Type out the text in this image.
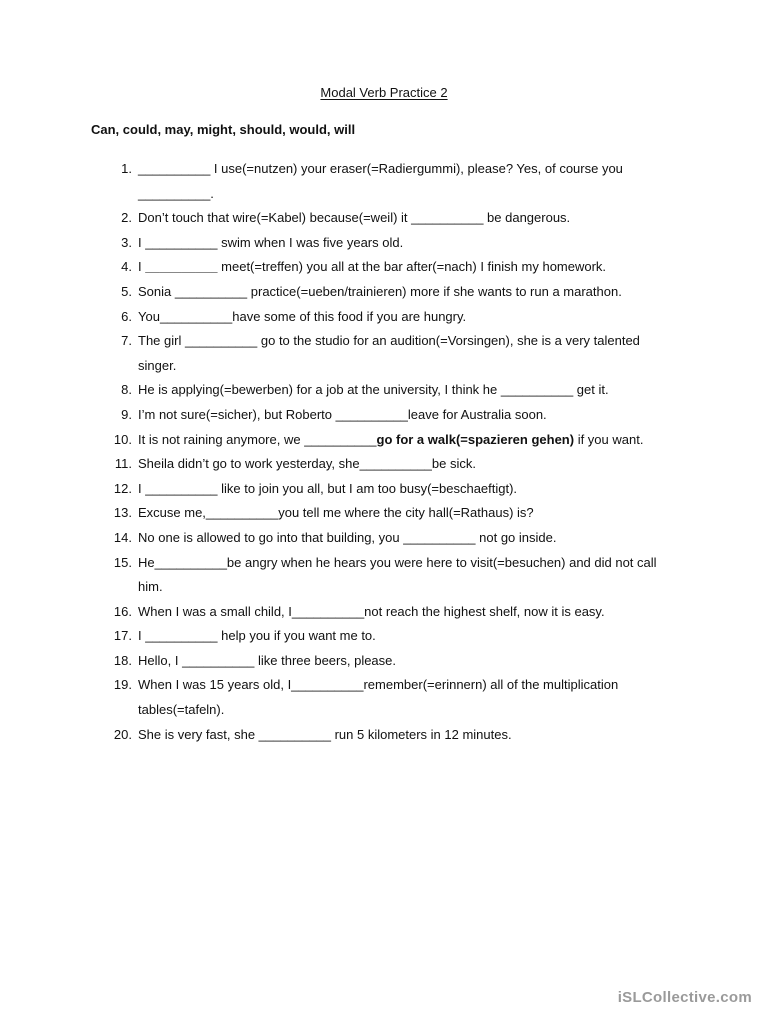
Modal Verb Practice 2
Can, could, may, might, should, would, will
1. __________ I use(=nutzen) your eraser(=Radiergummi), please? Yes, of course you __________.
2. Don’t touch that wire(=Kabel) because(=weil) it __________ be dangerous.
3. I __________ swim when I was five years old.
4. I __________ meet(=treffen) you all at the bar after(=nach) I finish my homework.
5. Sonia __________ practice(=ueben/trainieren) more if she wants to run a marathon.
6. You__________have some of this food if you are hungry.
7. The girl __________ go to the studio for an audition(=Vorsingen), she is a very talented singer.
8. He is applying(=bewerben) for a job at the university, I think he __________ get it.
9. I’m not sure(=sicher), but Roberto __________leave for Australia soon.
10. It is not raining anymore, we __________go for a walk(=spazieren gehen) if you want.
11. Sheila didn’t go to work yesterday, she__________be sick.
12. I __________ like to join you all, but I am too busy(=beschaeftigt).
13. Excuse me,__________you tell me where the city hall(=Rathaus) is?
14. No one is allowed to go into that building, you __________ not go inside.
15. He__________be angry when he hears you were here to visit(=besuchen) and did not call him.
16. When I was a small child, I__________not reach the highest shelf, now it is easy.
17. I __________ help you if you want me to.
18. Hello, I __________ like three beers, please.
19. When I was 15 years old, I__________remember(=erinnern) all of the multiplication tables(=tafeln).
20. She is very fast, she __________ run 5 kilometers in 12 minutes.
iSLCollective.com
